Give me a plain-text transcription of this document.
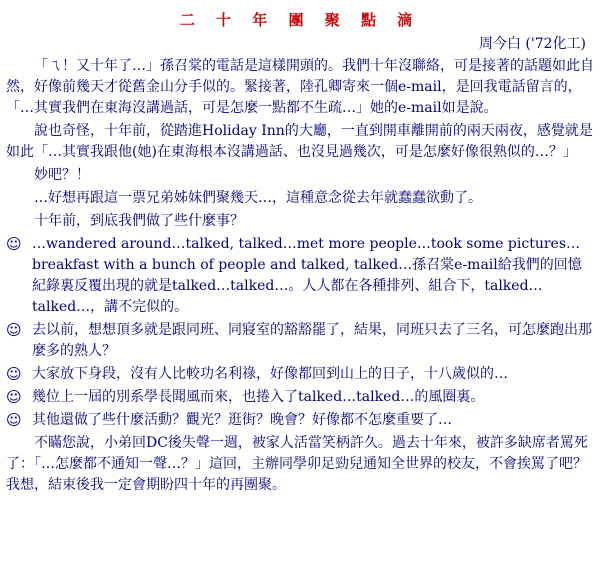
二 十 年 團 聚 點 滴
周今白 ('72化工)

「ㄟ！又十年了…」孫召棠的電話是這樣開頭的。我們十年沒聯絡，可是接著的話題如此自然，好像前幾天才從舊金山分手似的。緊接著，陸孔卿寄來一個e-mail，是回我電話留言的，「…其實我們在東海沒講過話，可是怎麼一點都不生疏…」她的e-mail如是說。

說也奇怪，十年前，從踏進Holiday Inn的大廳，一直到開車離開前的兩天兩夜，感覺就是如此「…其實我跟他(她)在東海根本沒講過話、也沒見過幾次，可是怎麼好像很熟似的…？」

妙吧？！

…好想再跟這一票兄弟姊妹們聚幾天…，這種意念從去年就蠢蠢欲動了。

十年前，到底我們做了些什麼事？

☺ …wandered around…talked, talked…met more people…took some pictures…breakfast with a bunch of people and talked, talked…孫召棠e-mail給我們的回憶紀錄裏反覆出現的就是talked…talked…。人人都在各種排列、組合下，talked…talked…，講不完似的。
☺ 去以前，想想頂多就是跟同班、同寢室的豁豁罷了，結果，同班只去了三名，可怎麼跑出那麼多的熟人？
☺ 大家放下身段，沒有人比較功名利祿，好像都回到山上的日子，十八歲似的…
☺ 幾位上一屆的別系學長聞風而來，也捲入了talked…talked…的風圈裏。
☺ 其他還做了些什麼活動？觀光？逛街？晚會？好像都不怎麼重要了…

不瞞您說，小弟回DC後失聲一週，被家人活當笑柄許久。過去十年來，被許多缺席者罵死了：「…怎麼都不通知一聲…？」這回，主辦同學卯足勁兒通知全世界的校友，不會挨罵了吧？我想，結束後我一定會期盼四十年的再團聚。
